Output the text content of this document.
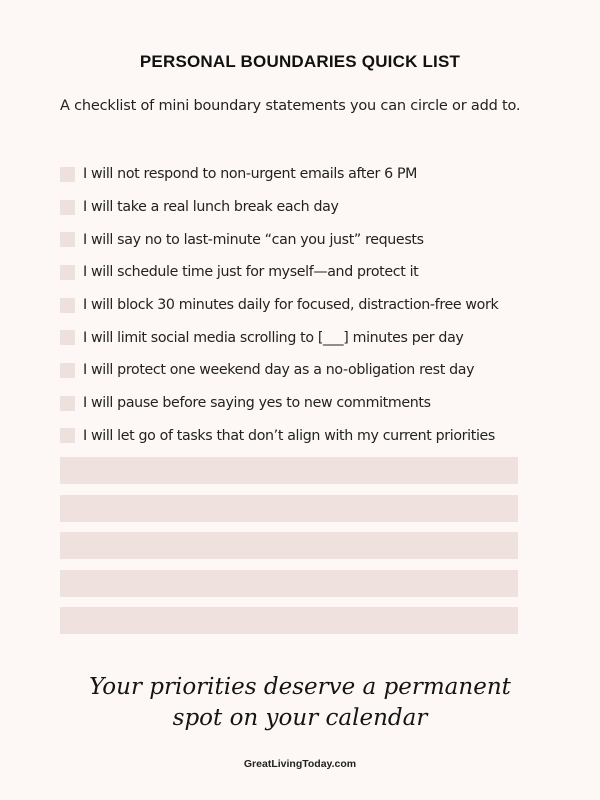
PERSONAL BOUNDARIES QUICK LIST
A checklist of mini boundary statements you can circle or add to.
I will not respond to non-urgent emails after 6 PM
I will take a real lunch break each day
I will say no to last-minute “can you just” requests
I will schedule time just for myself—and protect it
I will block 30 minutes daily for focused, distraction-free work
I will limit social media scrolling to [___] minutes per day
I will protect one weekend day as a no-obligation rest day
I will pause before saying yes to new commitments
I will let go of tasks that don’t align with my current priorities
Your priorities deserve a permanent
spot on your calendar
GreatLivingToday.com
